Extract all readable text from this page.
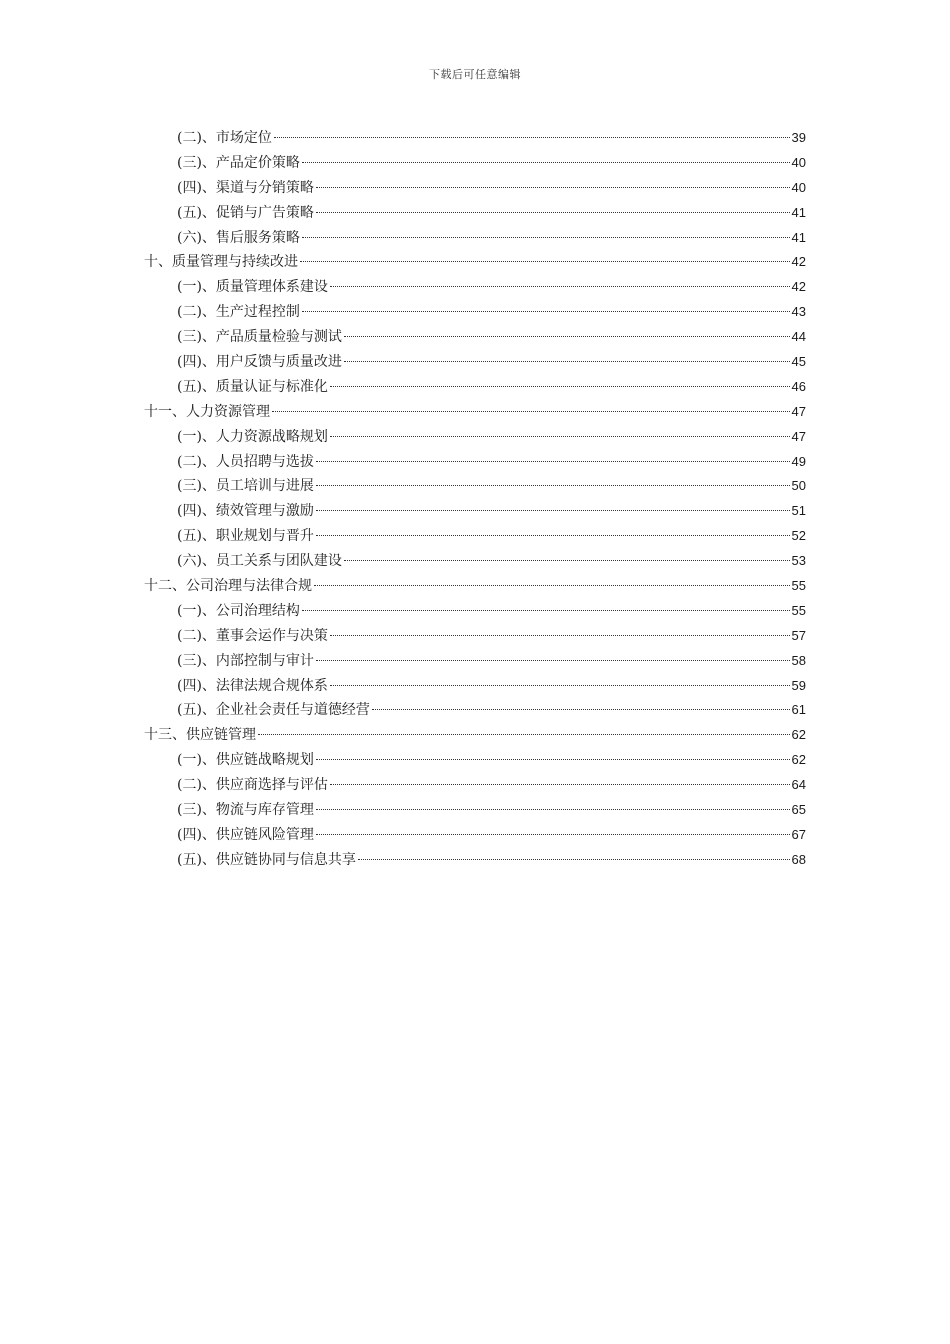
下载后可任意编辑
(二)、市场定位	39
(三)、产品定价策略	40
(四)、渠道与分销策略	40
(五)、促销与广告策略	41
(六)、售后服务策略	41
十、质量管理与持续改进	42
(一)、质量管理体系建设	42
(二)、生产过程控制	43
(三)、产品质量检验与测试	44
(四)、用户反馈与质量改进	45
(五)、质量认证与标准化	46
十一、人力资源管理	47
(一)、人力资源战略规划	47
(二)、人员招聘与选拔	49
(三)、员工培训与进展	50
(四)、绩效管理与激励	51
(五)、职业规划与晋升	52
(六)、员工关系与团队建设	53
十二、公司治理与法律合规	55
(一)、公司治理结构	55
(二)、董事会运作与决策	57
(三)、内部控制与审计	58
(四)、法律法规合规体系	59
(五)、企业社会责任与道德经营	61
十三、供应链管理	62
(一)、供应链战略规划	62
(二)、供应商选择与评估	64
(三)、物流与库存管理	65
(四)、供应链风险管理	67
(五)、供应链协同与信息共享	68
